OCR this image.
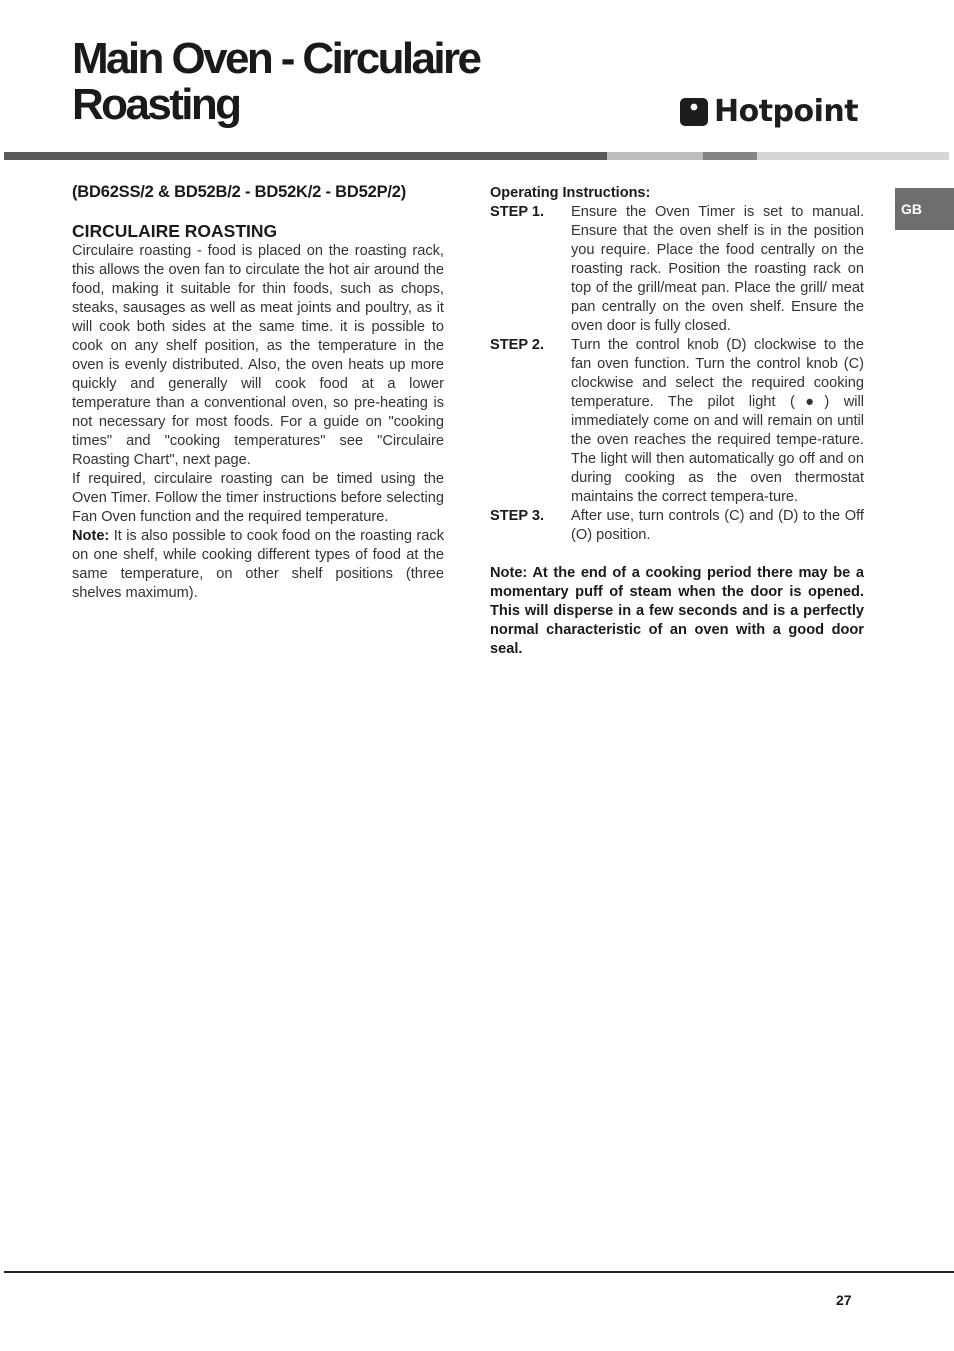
Main Oven - Circulaire
Roasting	Hotpoint
GB
(BD62SS/2 & BD52B/2 - BD52K/2 - BD52P/2)
CIRCULAIRE ROASTING

Circulaire roasting - food is placed on the roasting rack, this allows the oven fan to circulate the hot air around the food, making it suitable for thin foods, such as chops, steaks, sausages as well as meat joints and poultry, as it will cook both sides at the same time. it is possible to cook on any shelf position, as the temperature in the oven is evenly distributed. Also, the oven heats up more quickly and generally will cook food at a lower temperature than a conventional oven, so pre-heating is not necessary for most foods. For a guide on "cooking times" and "cooking temperatures" see "Circulaire Roasting Chart", next page.

If required, circulaire roasting can be timed using the Oven Timer. Follow the timer instructions before selecting Fan Oven function and the required temperature.

Note: It is also possible to cook food on the roasting rack on one shelf, while cooking different types of food at the same temperature, on other shelf positions (three shelves maximum).

Operating Instructions:
STEP 1.	Ensure the Oven Timer is set to manual. Ensure that the oven shelf is in the position you require. Place the food centrally on the roasting rack. Position the roasting rack on top of the grill/meat pan. Place the grill/ meat pan centrally on the oven shelf. Ensure the oven door is fully closed.
STEP 2.	Turn the control knob (D) clockwise to the fan oven function. Turn the control knob (C) clockwise and select the required cooking temperature. The pilot light (●) will immediately come on and will remain on until the oven reaches the required tempe-rature. The light will then automatically go off and on during cooking as the oven thermostat maintains the correct tempera-ture.
STEP 3.	After use, turn controls (C) and (D) to the Off (O) position.
Note: At the end of a cooking period there may be a momentary puff of steam when the door is opened. This will disperse in a few seconds and is a perfectly normal characteristic of an oven with a good door seal.
27
